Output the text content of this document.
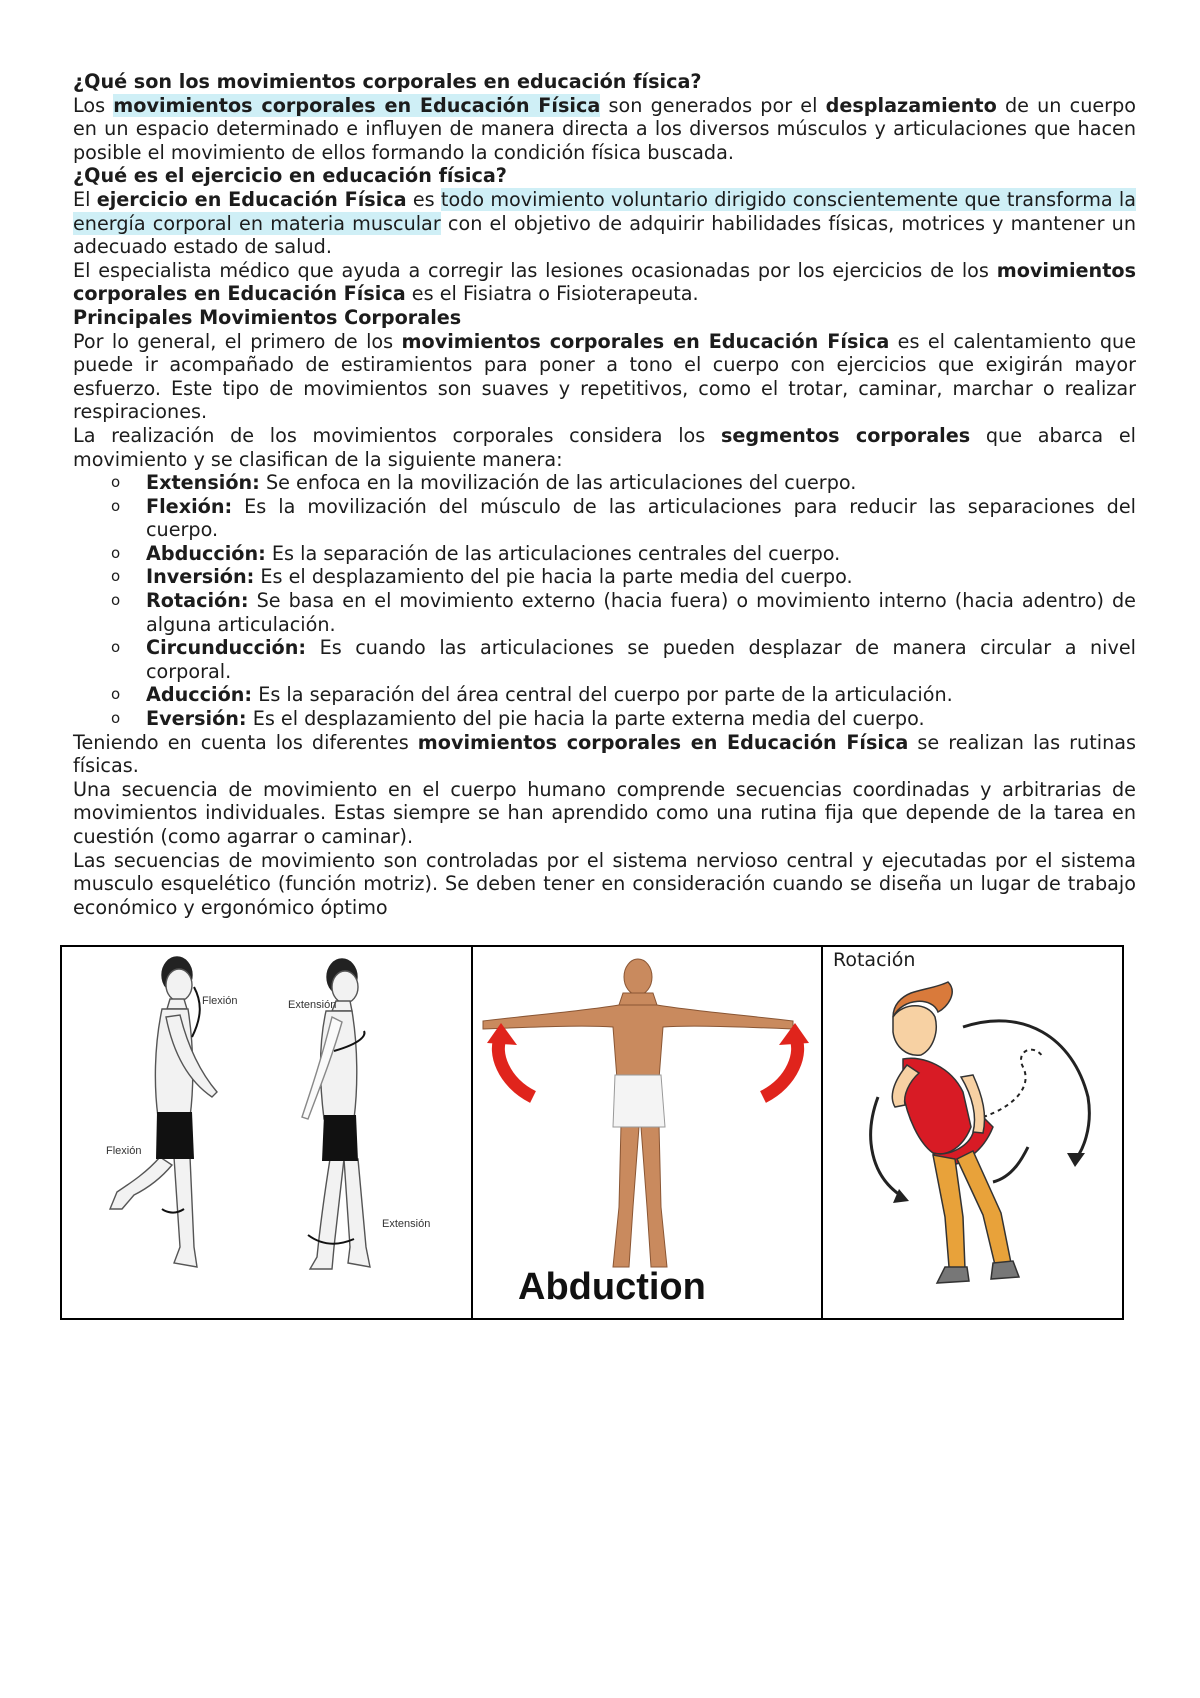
¿Qué son los movimientos corporales en educación física?

Los movimientos corporales en Educación Física son generados por el desplazamiento de un cuerpo en un espacio determinado e influyen de manera directa a los diversos músculos y articulaciones que hacen posible el movimiento de ellos formando la condición física buscada.

¿Qué es el ejercicio en educación física?

El ejercicio en Educación Física es todo movimiento voluntario dirigido conscientemente que transforma la energía corporal en materia muscular con el objetivo de adquirir habilidades físicas, motrices y mantener un adecuado estado de salud.

El especialista médico que ayuda a corregir las lesiones ocasionadas por los ejercicios de los movimientos corporales en Educación Física es el Fisiatra o Fisioterapeuta.

Principales Movimientos Corporales

Por lo general, el primero de los movimientos corporales en Educación Física es el calentamiento que puede ir acompañado de estiramientos para poner a tono el cuerpo con ejercicios que exigirán mayor esfuerzo. Este tipo de movimientos son suaves y repetitivos, como el trotar, caminar, marchar o realizar respiraciones.

La realización de los movimientos corporales considera los segmentos corporales que abarca el movimiento y se clasifican de la siguiente manera:

o Extensión: Se enfoca en la movilización de las articulaciones del cuerpo.
o Flexión: Es la movilización del músculo de las articulaciones para reducir las separaciones del cuerpo.
o Abducción: Es la separación de las articulaciones centrales del cuerpo.
o Inversión: Es el desplazamiento del pie hacia la parte media del cuerpo.
o Rotación: Se basa en el movimiento externo (hacia fuera) o movimiento interno (hacia adentro) de alguna articulación.
o Circunducción: Es cuando las articulaciones se pueden desplazar de manera circular a nivel corporal.
o Aducción: Es la separación del área central del cuerpo por parte de la articulación.
o Eversión: Es el desplazamiento del pie hacia la parte externa media del cuerpo.

Teniendo en cuenta los diferentes movimientos corporales en Educación Física se realizan las rutinas físicas.

Una secuencia de movimiento en el cuerpo humano comprende secuencias coordinadas y arbitrarias de movimientos individuales. Estas siempre se han aprendido como una rutina fija que depende de la tarea en cuestión (como agarrar o caminar).

Las secuencias de movimiento son controladas por el sistema nervioso central y ejecutadas por el sistema musculo esquelético (función motriz). Se deben tener en consideración cuando se diseña un lugar de trabajo económico y ergonómico óptimo

Flexión	Extensión
Flexión
Extensión
Abduction
Rotación
